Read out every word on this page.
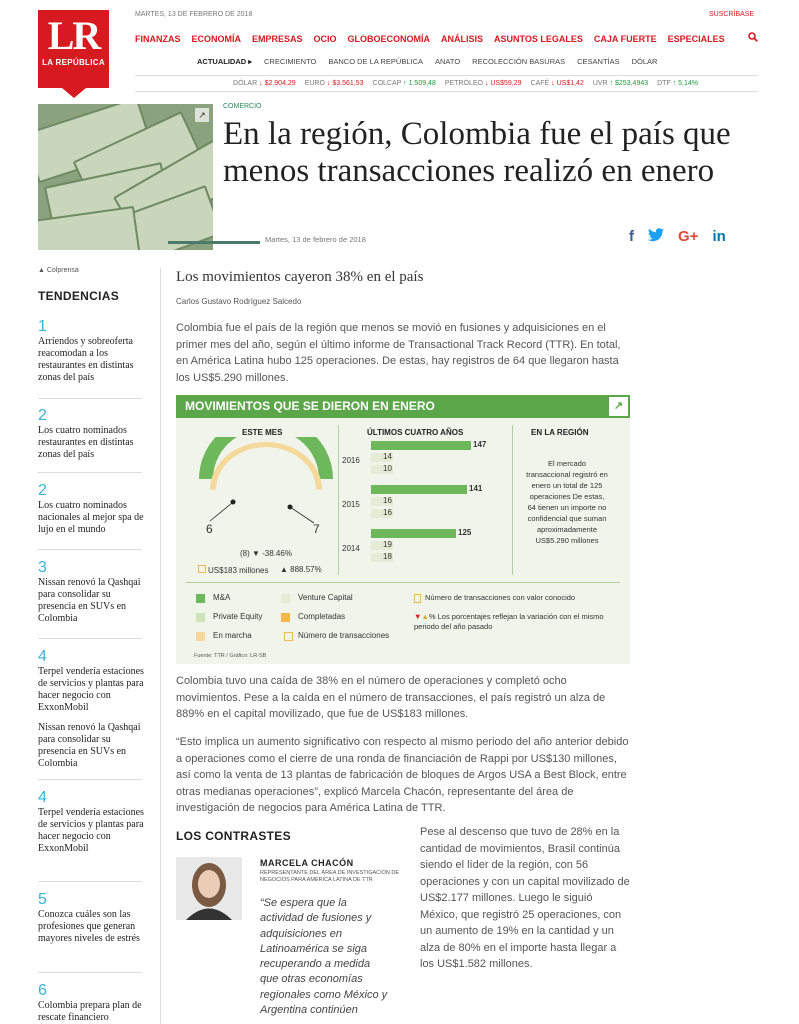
LR
LA REPÚBLICA
MARTES, 13 DE FEBRERO DE 2018	SUSCRÍBASE
FINANZAS ECONOMÍA EMPRESAS OCIO GLOBOECONOMÍA ANÁLISIS ASUNTOS LEGALES CAJA FUERTE ESPECIALES
ACTUALIDAD ▸ CRECIMIENTO BANCO DE LA REPÚBLICA ANATO RECOLECCIÓN BASURAS CESANTÍAS DÓLAR
DÓLAR ↓ $2.904,29 EURO ↓ $3.561,53 COLCAP ↑ 1.509,48 PETRÓLEO ↓ US$59,29 CAFÉ ↓ US$1,42 UVR ↑ $253,4943 DTF ↑ 5,14%
↗
COMERCIO
En la región, Colombia fue el país que menos transacciones realizó en enero
Martes, 13 de febrero de 2018	f	G+ in
▲ Colprensa
TENDENCIAS
1
Arriendos y sobreoferta reacomodan a los restaurantes en distintas zonas del país
2
Los cuatro nominados restaurantes en distintas zonas del país
2
Los cuatro nominados nacionales al mejor spa de lujo en el mundo
3
Nissan renovó la Qashqai para consolidar su presencia en SUVs en Colombia
4
Terpel vendería estaciones de servicios y plantas para hacer negocio con ExxonMobil
Nissan renovó la Qashqai para consolidar su presencia en SUVs en Colombia
4
Terpel vendería estaciones de servicios y plantas para hacer negocio con ExxonMobil
5
Conozca cuáles son las profesiones que generan mayores niveles de estrés
6
Colombia prepara plan de rescate financiero
Los movimientos cayeron 38% en el país
Carlos Gustavo Rodríguez Salcedo
Colombia fue el país de la región que menos se movió en fusiones y adquisiciones en el primer mes del año, según el último informe de Transactional Track Record (TTR). En total, en América Latina hubo 125 operaciones. De estas, hay registros de 64 que llegaron hasta los US$5.290 millones.
MOVIMIENTOS QUE SE DIERON EN ENERO	↗
ESTE MES	ÚLTIMOS CUATRO AÑOS	EN LA REGIÓN
6	7
(8) ▼ -38.46%
US$183 millones ▲ 888.57%
2016
147
14
10
2015
141
16
16
2014
125
19
18
El mercado transaccional registró en enero un total de 125 operaciones De estas, 64 tienen un importe no confidencial que suman aproximadamente US$5.290 millones
M&A
Private Equity
En marcha
Venture Capital
Completadas
Número de transacciones
Número de transacciones con valor conocido
▼▲% Los porcentajes reflejan la variación con el mismo periodo del año pasado
Fuente: TTR / Gráfico: LR-SB
Colombia tuvo una caída de 38% en el número de operaciones y completó ocho movimientos. Pese a la caída en el número de transacciones, el país registró un alza de 889% en el capital movilizado, que fue de US$183 millones.
“Esto implica un aumento significativo con respecto al mismo periodo del año anterior debido a operaciones como el cierre de una ronda de financiación de Rappi por US$130 millones, así como la venta de 13 plantas de fabricación de bloques de Argos USA a Best Block, entre otras medianas operaciones”, explicó Marcela Chacón, representante del área de investigación de negocios para América Latina de TTR.
LOS CONTRASTES
MARCELA CHACÓN
REPRESENTANTE DEL ÁREA DE INVESTIGACIÓN DE NEGOCIOS PARA AMÉRICA LATINA DE TTR
“Se espera que la actividad de fusiones y adquisiciones en Latinoamérica se siga recuperando a medida que otras economías regionales como México y Argentina continúen
Pese al descenso que tuvo de 28% en la cantidad de movimientos, Brasil continúa siendo el líder de la región, con 56 operaciones y con un capital movilizado de US$2.177 millones. Luego le siguió México, que registró 25 operaciones, con un aumento de 19% en la cantidad y un alza de 80% en el importe hasta llegar a los US$1.582 millones.
